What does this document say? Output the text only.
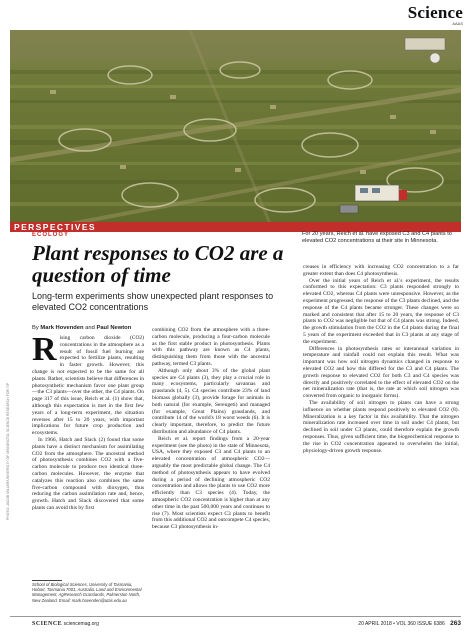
Science
AAAS
PHOTO: JACOB MILLER/UNIVERSITY OF MINNESOTA; SCIENCE RESEARCH FOR TIP
PERSPECTIVES
For 20 years, Reich et al. have exposed C3 and C4 plants to elevated CO2 concentrations at their site in Minnesota.
ECOLOGY
Plant responses to CO2 are a question of time
Long-term experiments show unexpected plant responses to elevated CO2 concentrations
By Mark Hovenden and Paul Newton

Rising carbon dioxide (CO2) concentrations in the atmosphere as a result of fossil fuel burning are expected to fertilize plants, resulting in faster growth. However, this change is not expected to be the same for all plants. Rather, scientists believe that differences in photosynthetic mechanism favor one plant group—the C3 plants—over the other, the C4 plants. On page 317 of this issue, Reich et al. (1) show that, although this expectation is met in the first few years of a long-term experiment, the situation reverses after 15 to 20 years, with important implications for future crop production and ecosystems.

In 1966, Hatch and Slack (2) found that some plants have a distinct mechanism for assimilating CO2 from the atmosphere. The ancestral method of photosynthesis combines CO2 with a five-carbon molecule to produce two identical three-carbon molecules. However, the enzyme that catalyzes this reaction also combines the same five-carbon compound with dioxygen, thus reducing the carbon assimilation rate and, hence, growth. Hatch and Slack discovered that some plants can avoid this by first

School of Biological Sciences, University of Tasmania, Hobart, Tasmania 7001, Australia. Land and Environmental Management, AgResearch Grasslands, Palmerston North, New Zealand. Email: mark.hovenden@utas.edu.au

combining CO2 from the atmosphere with a three-carbon molecule, producing a four-carbon molecule as the first stable product in photosynthesis. Plants with this pathway are known as C4 plants, distinguishing them from those with the ancestral pathway, termed C3 plants.

Although only about 3% of the global plant species are C4 plants (3), they play a crucial role in many ecosystems, particularly savannas and grasslands (4, 5). C4 species contribute 23% of land biomass globally (3), provide forage for animals in both natural (for example, Serengeti) and managed (for example, Great Plains) grasslands, and contribute 14 of the world's 18 worst weeds (6). It is clearly important, therefore, to predict the future distribution and abundance of C4 plants.

Reich et al. report findings from a 20-year experiment (see the photo) in the state of Minnesota, USA, where they exposed C3 and C4 plants to an elevated concentration of atmospheric CO2—arguably the most predictable global change. The C4 method of photosynthesis appears to have evolved during a period of declining atmospheric CO2 concentration and allows the plants to use CO2 more efficiently than C3 species (4). Today, the atmospheric CO2 concentration is higher than at any other time in the past 500,000 years and continues to rise (7). Most scientists expect C3 plants to benefit from this additional CO2 and outcompete C4 species, because C3 photosynthesis in-

creases in efficiency with increasing CO2 concentration to a far greater extent than does C4 photosynthesis.

Over the initial years of Reich et al.'s experiment, the results conformed to this expectation: C3 plants responded strongly to elevated CO2, whereas C4 plants were unresponsive. However, as the experiment progressed, the response of the C3 plants declined, and the response of the C4 plants became stronger. These changes were so marked and consistent that after 15 to 20 years, the response of C3 plants to CO2 was negligible but that of C4 plants was strong. Indeed, the growth stimulation from the CO2 in the C4 plants during the final 5 years of the experiment exceeded that in C3 plants at any stage of the experiment.

Differences in photosynthesis rates or interannual variation in temperature and rainfall could not explain this result. What was important was how soil nitrogen dynamics changed in response to elevated CO2 and how this differed for the C3 and C4 plants. The growth response to elevated CO2 for both C3 and C4 species was directly and positively correlated to the effect of elevated CO2 on the net mineralization rate (that is, the rate at which soil nitrogen was converted from organic to inorganic forms).

The availability of soil nitrogen to plants can have a strong influence on whether plants respond positively to elevated CO2 (8). Mineralization is a key factor in this availability. That the nitrogen mineralization rate increased over time in soil under C4 plants, but declined in soil under C3 plants, could therefore explain the growth responses. Thus, given sufficient time, the biogeochemical response to the rise in CO2 concentration appeared to overwhelm the initial, physiology-driven growth response.

SCIENCE sciencemag.org	20 APRIL 2018 • VOL 360 ISSUE 6386 263
